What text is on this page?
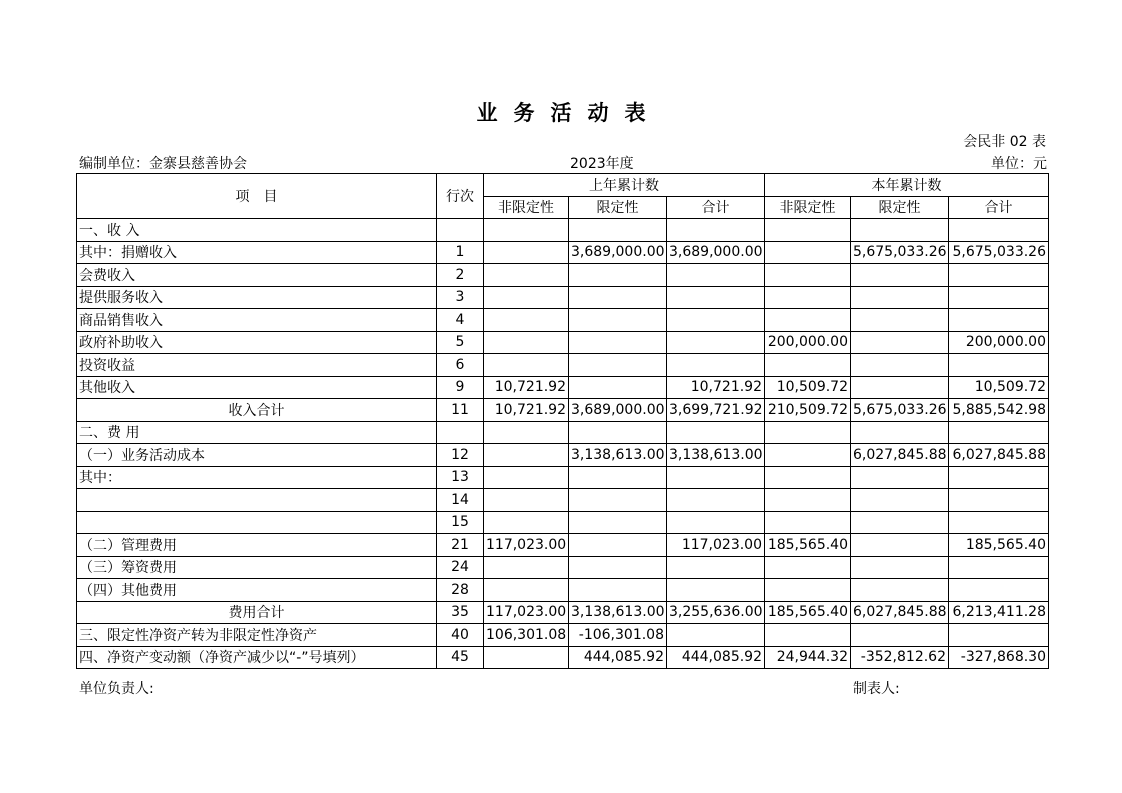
业务活动表
会民非 02 表
编制单位：金寨县慈善协会	2023年度	单位：元
项　目	行次	上年累计数			本年累计数		
		非限定性	限定性	合计	非限定性	限定性	合计
一、收 入							
其中：捐赠收入	1		3,689,000.00	3,689,000.00		5,675,033.26	5,675,033.26
会费收入	2						
提供服务收入	3						
商品销售收入	4						
政府补助收入	5				200,000.00		200,000.00
投资收益	6						
其他收入	9	10,721.92		10,721.92	10,509.72		10,509.72
收入合计	11	10,721.92	3,689,000.00	3,699,721.92	210,509.72	5,675,033.26	5,885,542.98
二、费 用							
（一）业务活动成本	12		3,138,613.00	3,138,613.00		6,027,845.88	6,027,845.88
其中：	13						
	14						
	15						
（二）管理费用	21	117,023.00		117,023.00	185,565.40		185,565.40
（三）筹资费用	24						
（四）其他费用	28						
费用合计	35	117,023.00	3,138,613.00	3,255,636.00	185,565.40	6,027,845.88	6,213,411.28
三、限定性净资产转为非限定性净资产	40	106,301.08	-106,301.08				
四、净资产变动额（净资产减少以“-”号填列）	45		444,085.92	444,085.92	24,944.32	-352,812.62	-327,868.30
单位负责人:	制表人:
